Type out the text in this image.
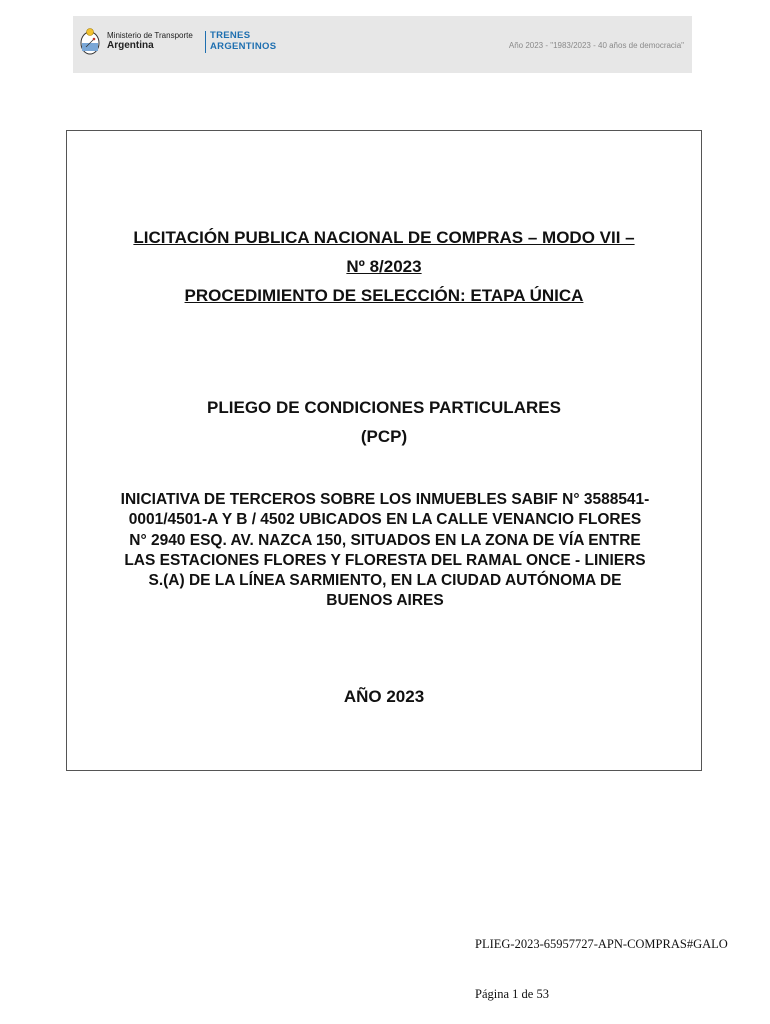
Ministerio de Transporte
Argentina
TRENES
ARGENTINOS	Año 2023 - "1983/2023 - 40 años de democracia"
LICITACIÓN PUBLICA NACIONAL DE COMPRAS – MODO VII –
Nº 8/2023
PROCEDIMIENTO DE SELECCIÓN: ETAPA ÚNICA
PLIEGO DE CONDICIONES PARTICULARES
(PCP)
INICIATIVA DE TERCEROS SOBRE LOS INMUEBLES SABIF N° 3588541-
0001/4501-A Y B / 4502 UBICADOS EN LA CALLE VENANCIO FLORES
N° 2940 ESQ. AV. NAZCA 150, SITUADOS EN LA ZONA DE VÍA ENTRE
LAS ESTACIONES FLORES Y FLORESTA DEL RAMAL ONCE - LINIERS
S.(A) DE LA LÍNEA SARMIENTO, EN LA CIUDAD AUTÓNOMA DE
BUENOS AIRES
AÑO 2023
PLIEG-2023-65957727-APN-COMPRAS#GALO
Página 1 de 53
